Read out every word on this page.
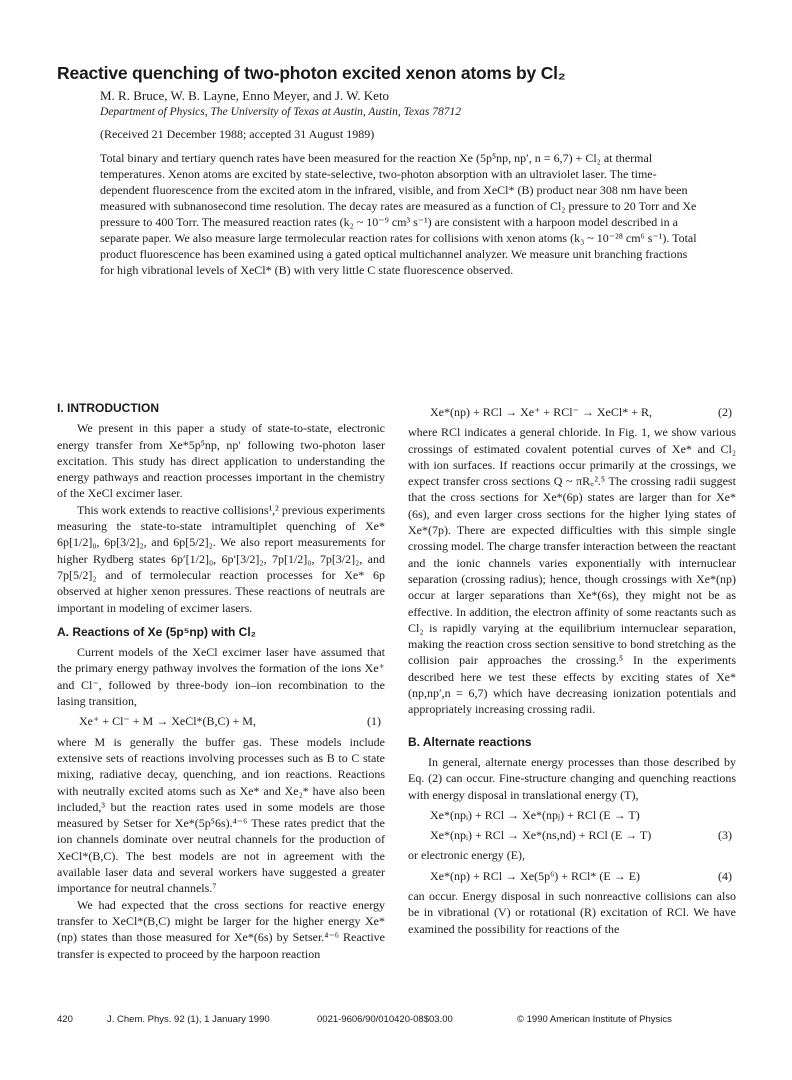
Reactive quenching of two-photon excited xenon atoms by Cl₂
M. R. Bruce, W. B. Layne, Enno Meyer, and J. W. Keto
Department of Physics, The University of Texas at Austin, Austin, Texas 78712
(Received 21 December 1988; accepted 31 August 1989)

Total binary and tertiary quench rates have been measured for the reaction Xe (5p⁵np, np′, n = 6,7) + Cl₂ at thermal temperatures. Xenon atoms are excited by state-selective, two-photon absorption with an ultraviolet laser. The time-dependent fluorescence from the excited atom in the infrared, visible, and from XeCl* (B) product near 308 nm have been measured with subnanosecond time resolution. The decay rates are measured as a function of Cl₂ pressure to 20 Torr and Xe pressure to 400 Torr. The measured reaction rates (k₂ ~ 10⁻⁹ cm³ s⁻¹) are consistent with a harpoon model described in a separate paper. We also measure large termolecular reaction rates for collisions with xenon atoms (k₃ ~ 10⁻²⁸ cm⁶ s⁻¹). Total product fluorescence has been examined using a gated optical multichannel analyzer. We measure unit branching fractions for high vibrational levels of XeCl* (B) with very little C state fluorescence observed.

I. INTRODUCTION

We present in this paper a study of state-to-state, electronic energy transfer from Xe*5p⁵np, np′ following two-photon laser excitation. This study has direct application to understanding the energy pathways and reaction processes important in the chemistry of the XeCl excimer laser.

This work extends to reactive collisions¹,² previous experiments measuring the state-to-state intramultiplet quenching of Xe* 6p[1/2]₀, 6p[3/2]₂, and 6p[5/2]₂. We also report measurements for higher Rydberg states 6p′[1/2]₀, 6p′[3/2]₂, 7p[1/2]₀, 7p[3/2]₂, and 7p[5/2]₂ and of termolecular reaction processes for Xe* 6p observed at higher xenon pressures. These reactions of neutrals are important in modeling of excimer lasers.

A. Reactions of Xe (5p⁵np) with Cl₂

Current models of the XeCl excimer laser have assumed that the primary energy pathway involves the formation of the ions Xe⁺ and Cl⁻, followed by three-body ion–ion recombination to the lasing transition,

Xe⁺ + Cl⁻ + M → XeCl*(B,C) + M,	(1)

where M is generally the buffer gas. These models include extensive sets of reactions involving processes such as B to C state mixing, radiative decay, quenching, and ion reactions. Reactions with neutrally excited atoms such as Xe* and Xe₂* have also been included,³ but the reaction rates used in some models are those measured by Setser for Xe*(5p⁵6s).⁴⁻⁶ These rates predict that the ion channels dominate over neutral channels for the production of XeCl*(B,C). The best models are not in agreement with the available laser data and several workers have suggested a greater importance for neutral channels.⁷

We had expected that the cross sections for reactive energy transfer to XeCl*(B,C) might be larger for the higher energy Xe*(np) states than those measured for Xe*(6s) by Setser.⁴⁻⁶ Reactive transfer is expected to proceed by the harpoon reaction

Xe*(np) + RCl → Xe⁺ + RCl⁻ → XeCl* + R,	(2)

where RCl indicates a general chloride. In Fig. 1, we show various crossings of estimated covalent potential curves of Xe* and Cl₂ with ion surfaces. If reactions occur primarily at the crossings, we expect transfer cross sections Q ~ πR꜀².⁵ The crossing radii suggest that the cross sections for Xe*(6p) states are larger than for Xe*(6s), and even larger cross sections for the higher lying states of Xe*(7p). There are expected difficulties with this simple single crossing model. The charge transfer interaction between the reactant and the ionic channels varies exponentially with internuclear separation (crossing radius); hence, though crossings with Xe*(np) occur at larger separations than Xe*(6s), they might not be as effective. In addition, the electron affinity of some reactants such as Cl₂ is rapidly varying at the equilibrium internuclear separation, making the reaction cross section sensitive to bond stretching as the collision pair approaches the crossing.⁵ In the experiments described here we test these effects by exciting states of Xe*(np,np′,n = 6,7) which have decreasing ionization potentials and appropriately increasing crossing radii.

B. Alternate reactions

In general, alternate energy processes than those described by Eq. (2) can occur. Fine-structure changing and quenching reactions with energy disposal in translational energy (T),

Xe*(npᵢ) + RCl → Xe*(npⱼ) + RCl (E → T)
Xe*(npᵢ) + RCl → Xe*(ns,nd) + RCl (E → T)	(3)

or electronic energy (E),

Xe*(np) + RCl → Xe(5p⁶) + RCl* (E → E)	(4)

can occur. Energy disposal in such nonreactive collisions can also be in vibrational (V) or rotational (R) excitation of RCl. We have examined the possibility for reactions of the

420	J. Chem. Phys. 92 (1), 1 January 1990	0021-9606/90/010420-08$03.00	© 1990 American Institute of Physics
